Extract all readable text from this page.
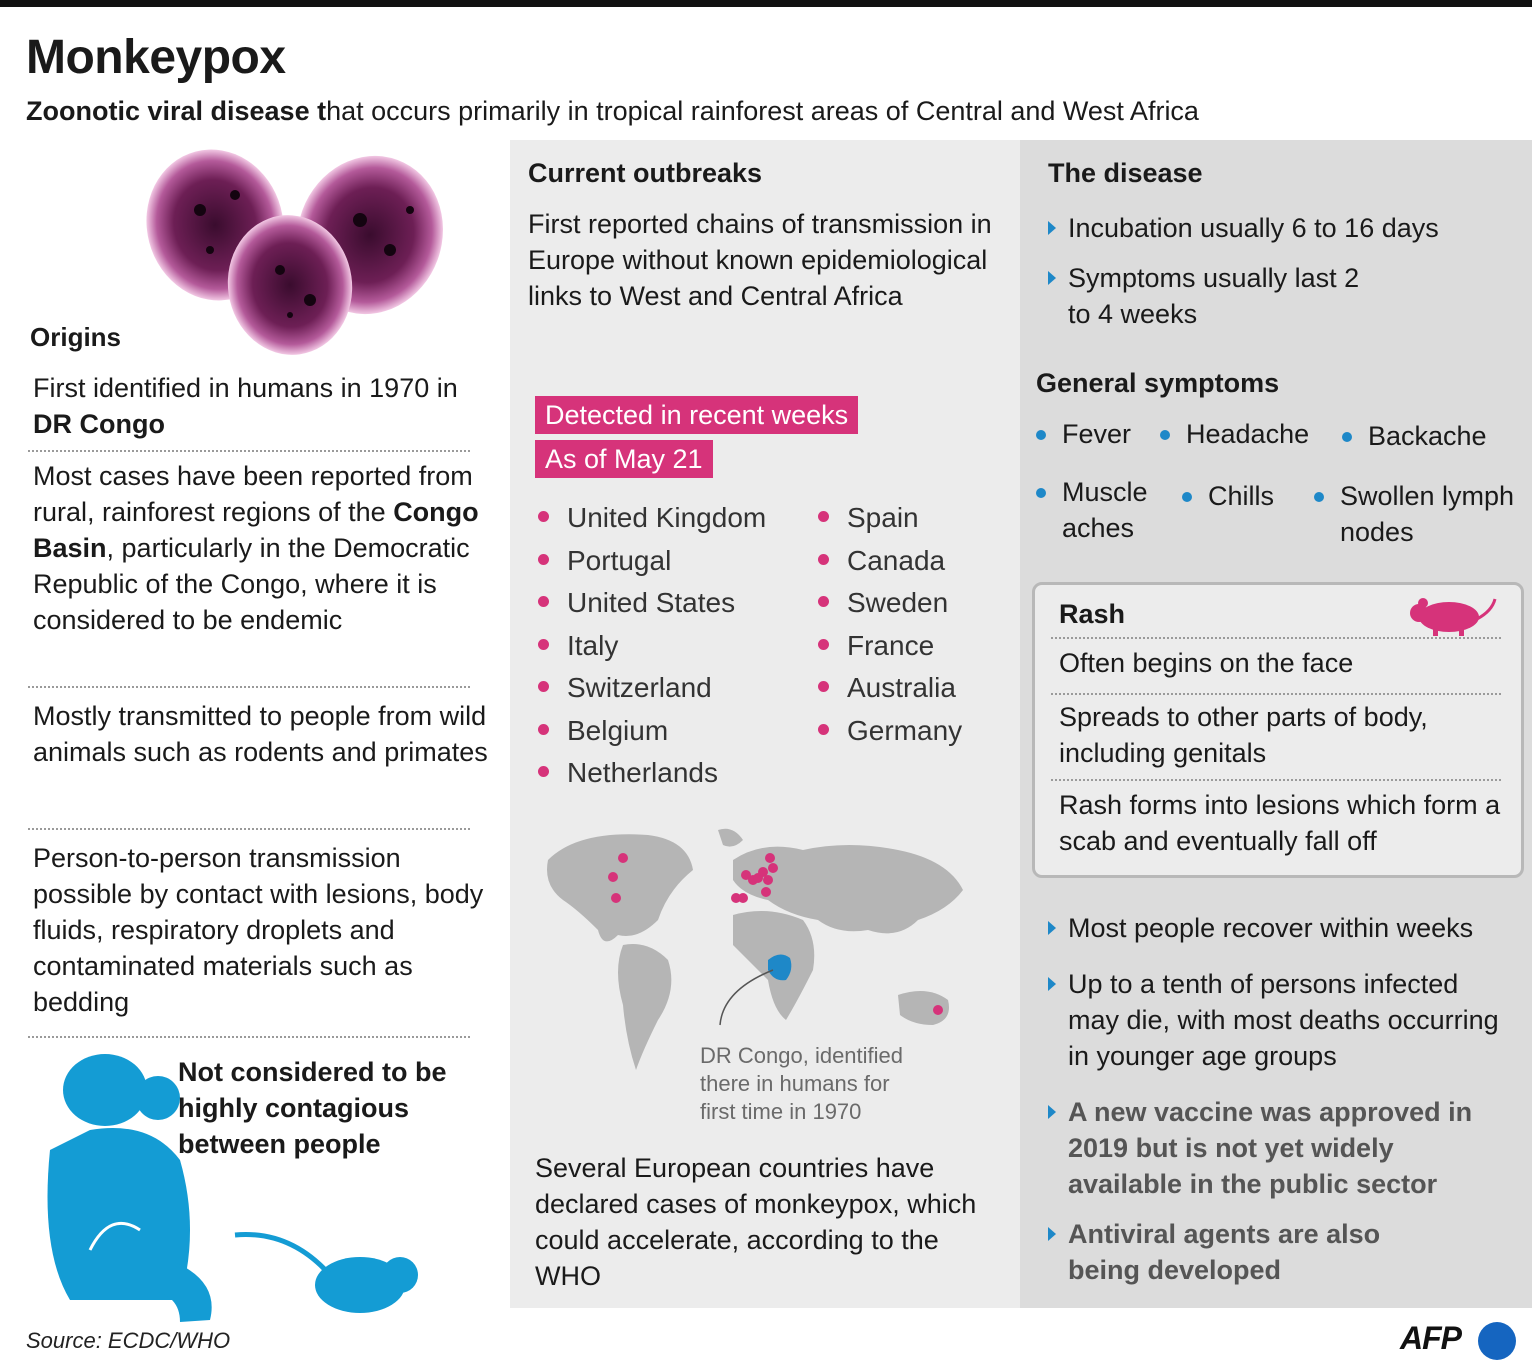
Monkeypox
Zoonotic viral disease that occurs primarily in tropical rainforest areas of Central and West Africa
Origins
First identified in humans in 1970 in DR Congo
Most cases have been reported from rural, rainforest regions of the Congo Basin, particularly in the Democratic Republic of the Congo, where it is considered to be endemic
Mostly transmitted to people from wild animals such as rodents and primates
Person-to-person transmission possible by contact with lesions, body fluids, respiratory droplets and contaminated materials such as bedding
Not considered to be highly contagious between people
Current outbreaks
First reported chains of transmission in Europe without known epidemiological links to West and Central Africa
Detected in recent weeks
As of May 21
United Kingdom
Portugal
United States
Italy
Switzerland
Belgium
Netherlands
Spain
Canada
Sweden
France
Australia
Germany
DR Congo, identified there in humans for first time in 1970
Several European countries have declared cases of monkeypox, which could accelerate, according to the WHO
The disease
Incubation usually 6 to 16 days
Symptoms usually last 2 to 4 weeks
General symptoms
Fever	Headache	Backache
Muscle aches
Chills	Swollen lymph nodes
Rash
Often begins on the face
Spreads to other parts of body, including genitals
Rash forms into lesions which form a scab and eventually fall off
Most people recover within weeks
Up to a tenth of persons infected may die, with most deaths occurring in younger age groups
A new vaccine was approved in 2019 but is not yet widely available in the public sector
Antiviral agents are also being developed
Source: ECDC/WHO	AFP
